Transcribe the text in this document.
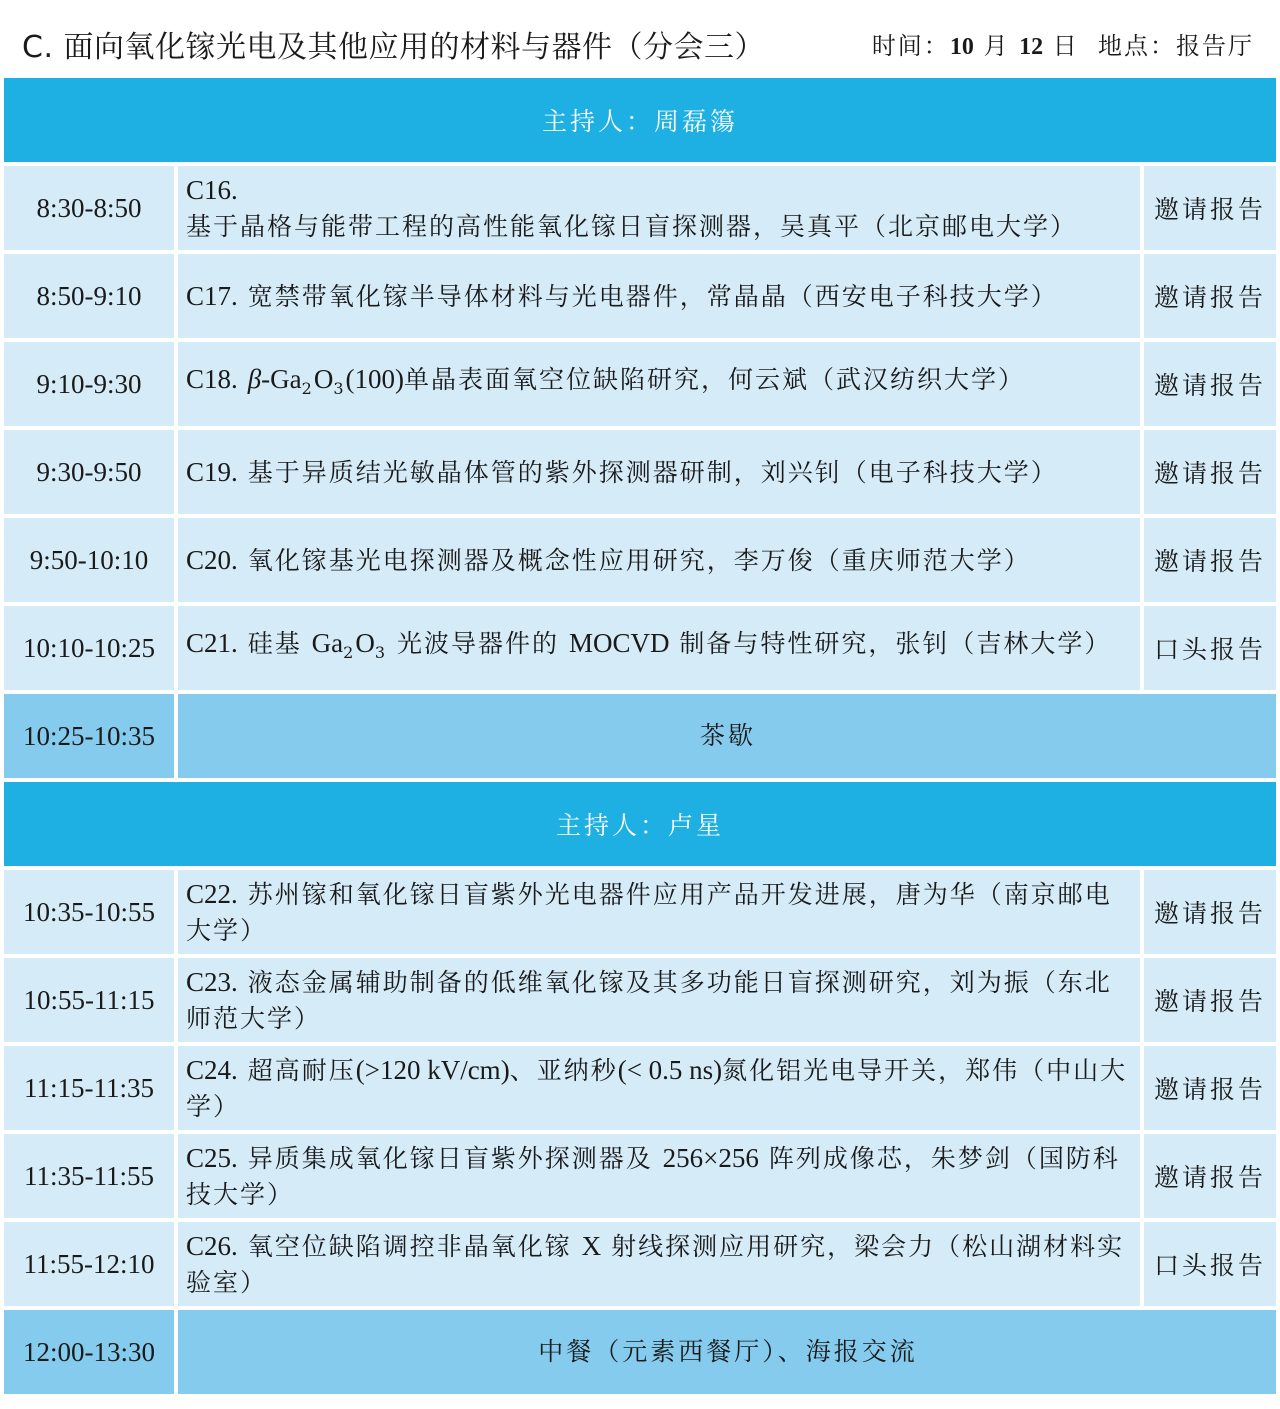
C. 面向氧化镓光电及其他应用的材料与器件（分会三）	时间：10 月 12 日 地点：报告厅
主持人：周磊簜		
8:30-8:50	C16. 基于晶格与能带工程的高性能氧化镓日盲探测器，吴真平（北京邮电大学）	邀请报告
8:50-9:10	C17. 宽禁带氧化镓半导体材料与光电器件，常晶晶（西安电子科技大学）	邀请报告
9:10-9:30	C18. $\beta-Ga_2O_3(100)$单晶表面氧空位缺陷研究，何云斌（武汉纺织大学）	邀请报告
9:30-9:50	C19. 基于异质结光敏晶体管的紫外探测器研制，刘兴钊（电子科技大学）	邀请报告
9:50-10:10	C20. 氧化镓基光电探测器及概念性应用研究，李万俊（重庆师范大学）	邀请报告
10:10-10:25	C21. 硅基 $Ga_2O_3$ 光波导器件的 MOCVD 制备与特性研究，张钊（吉林大学）	口头报告
10:25-10:35	茶歇	
主持人：卢星		
10:35-10:55	C22. 苏州镓和氧化镓日盲紫外光电器件应用产品开发进展，唐为华（南京邮电大学）	邀请报告
10:55-11:15	C23. 液态金属辅助制备的低维氧化镓及其多功能日盲探测研究，刘为振（东北师范大学）	邀请报告
11:15-11:35	C24. 超高耐压(>120 kV/cm)、亚纳秒(< 0.5 ns)氮化铝光电导开关，郑伟（中山大学）	邀请报告
11:35-11:55	C25. 异质集成氧化镓日盲紫外探测器及 256×256 阵列成像芯，朱梦剑（国防科技大学）	邀请报告
11:55-12:10	C26. 氧空位缺陷调控非晶氧化镓 X 射线探测应用研究，梁会力（松山湖材料实验室）	口头报告
12:00-13:30	中餐（元素西餐厅）、海报交流	
